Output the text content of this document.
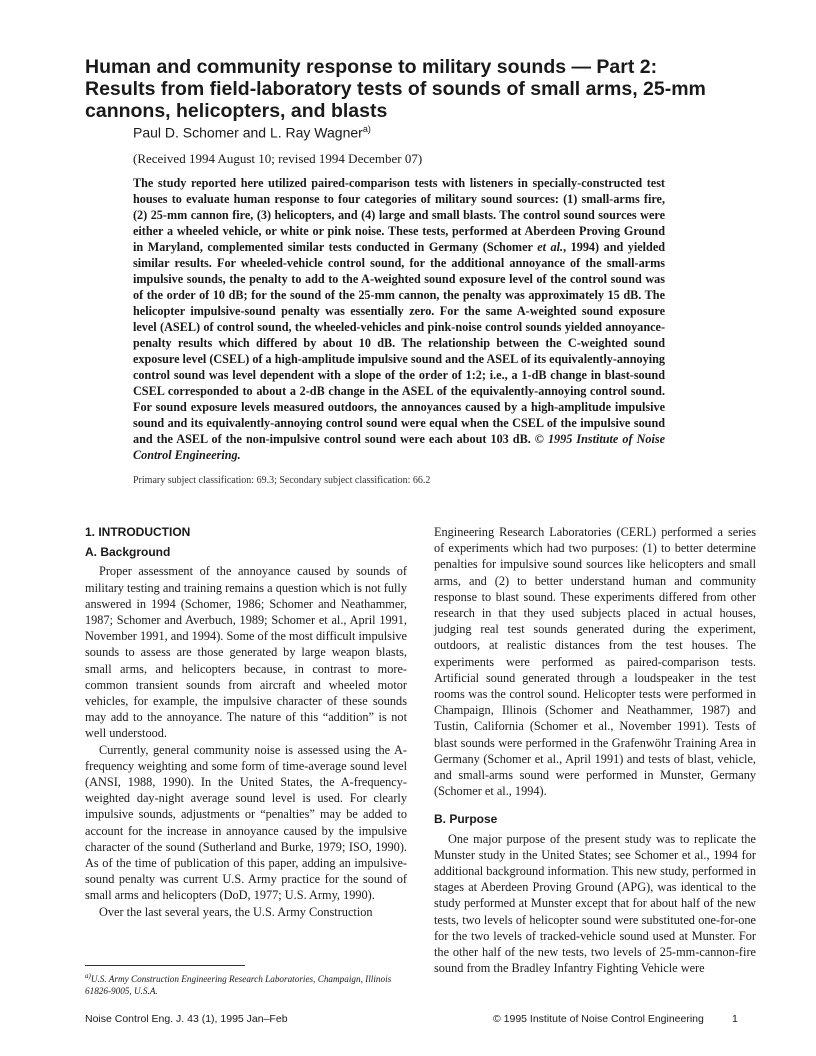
Human and community response to military sounds — Part 2: Results from field-laboratory tests of sounds of small arms, 25-mm cannons, helicopters, and blasts
Paul D. Schomer and L. Ray Wagner$^{a)}$
(Received 1994 August 10; revised 1994 December 07)

The study reported here utilized paired-comparison tests with listeners in specially-constructed test houses to evaluate human response to four categories of military sound sources: (1) small-arms fire, (2) 25-mm cannon fire, (3) helicopters, and (4) large and small blasts. The control sound sources were either a wheeled vehicle, or white or pink noise. These tests, performed at Aberdeen Proving Ground in Maryland, complemented similar tests conducted in Germany (Schomer et al., 1994) and yielded similar results. For wheeled-vehicle control sound, for the additional annoyance of the small-arms impulsive sounds, the penalty to add to the A-weighted sound exposure level of the control sound was of the order of 10 dB; for the sound of the 25-mm cannon, the penalty was approximately 15 dB. The helicopter impulsive-sound penalty was essentially zero. For the same A-weighted sound exposure level (ASEL) of control sound, the wheeled-vehicles and pink-noise control sounds yielded annoyance-penalty results which differed by about 10 dB. The relationship between the C-weighted sound exposure level (CSEL) of a high-amplitude impulsive sound and the ASEL of its equivalently-annoying control sound was level dependent with a slope of the order of 1:2; i.e., a 1-dB change in blast-sound CSEL corresponded to about a 2-dB change in the ASEL of the equivalently-annoying control sound. For sound exposure levels measured outdoors, the annoyances caused by a high-amplitude impulsive sound and its equivalently-annoying control sound were equal when the CSEL of the impulsive sound and the ASEL of the non-impulsive control sound were each about 103 dB. © 1995 Institute of Noise Control Engineering.

Primary subject classification: 69.3; Secondary subject classification: 66.2
1. INTRODUCTION
A. Background

Proper assessment of the annoyance caused by sounds of military testing and training remains a question which is not fully answered in 1994 (Schomer, 1986; Schomer and Neathammer, 1987; Schomer and Averbuch, 1989; Schomer et al., April 1991, November 1991, and 1994). Some of the most difficult impulsive sounds to assess are those generated by large weapon blasts, small arms, and helicopters because, in contrast to more-common transient sounds from aircraft and wheeled motor vehicles, for example, the impulsive character of these sounds may add to the annoyance. The nature of this “addition” is not well understood.

Currently, general community noise is assessed using the A-frequency weighting and some form of time-average sound level (ANSI, 1988, 1990). In the United States, the A-frequency-weighted day-night average sound level is used. For clearly impulsive sounds, adjustments or “penalties” may be added to account for the increase in annoyance caused by the impulsive character of the sound (Sutherland and Burke, 1979; ISO, 1990). As of the time of publication of this paper, adding an impulsive-sound penalty was current U.S. Army practice for the sound of small arms and helicopters (DoD, 1977; U.S. Army, 1990).

Over the last several years, the U.S. Army Construction

Engineering Research Laboratories (CERL) performed a series of experiments which had two purposes: (1) to better determine penalties for impulsive sound sources like helicopters and small arms, and (2) to better understand human and community response to blast sound. These experiments differed from other research in that they used subjects placed in actual houses, judging real test sounds generated during the experiment, outdoors, at realistic distances from the test houses. The experiments were performed as paired-comparison tests. Artificial sound generated through a loudspeaker in the test rooms was the control sound. Helicopter tests were performed in Champaign, Illinois (Schomer and Neathammer, 1987) and Tustin, California (Schomer et al., November 1991). Tests of blast sounds were performed in the Grafenwöhr Training Area in Germany (Schomer et al., April 1991) and tests of blast, vehicle, and small-arms sound were performed in Munster, Germany (Schomer et al., 1994).

B. Purpose

One major purpose of the present study was to replicate the Munster study in the United States; see Schomer et al., 1994 for additional background information. This new study, performed in stages at Aberdeen Proving Ground (APG), was identical to the study performed at Munster except that for about half of the new tests, two levels of helicopter sound were substituted one-for-one for the two levels of tracked-vehicle sound used at Munster. For the other half of the new tests, two levels of 25-mm-cannon-fire sound from the Bradley Infantry Fighting Vehicle were

$^{a)}$U.S. Army Construction Engineering Research Laboratories, Champaign, Illinois 61826-9005, U.S.A.

Noise Control Eng. J. 43 (1), 1995 Jan–Feb	© 1995 Institute of Noise Control Engineering	1
